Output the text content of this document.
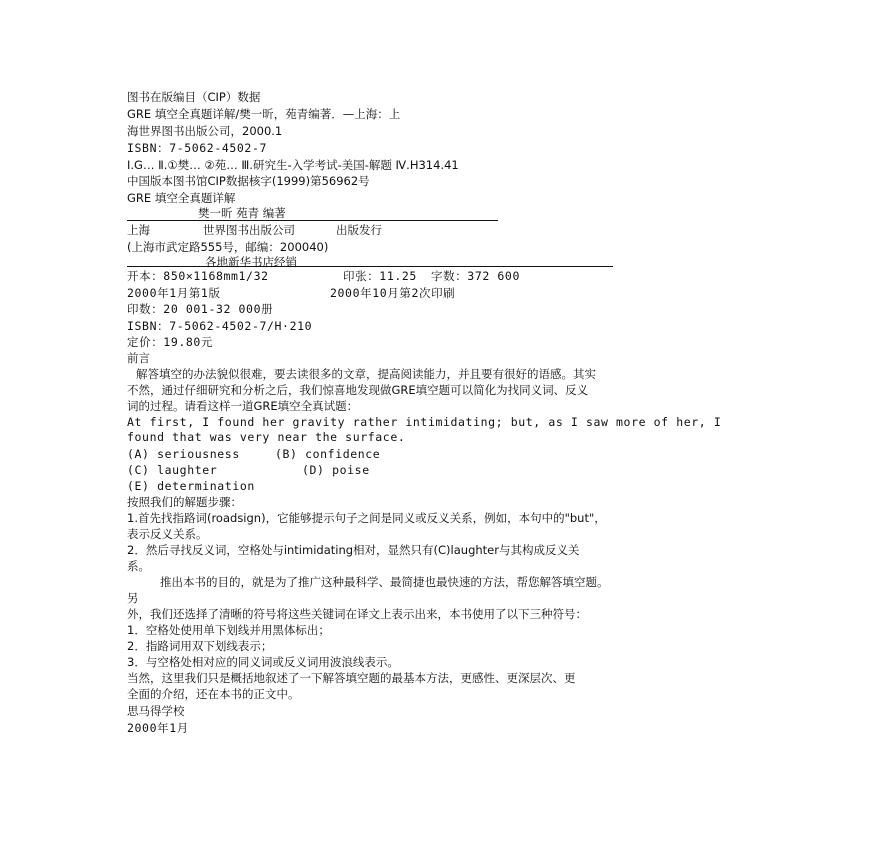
图书在版编目（CIP）数据
GRE 填空全真题详解/樊一昕，苑青编著．—上海：上
海世界图书出版公司，2000.1
ISBN：7-5062-4502-7
Ⅰ.G… Ⅱ.①樊… ②苑… Ⅲ.研究生-入学考试-美国-解题 Ⅳ.H314.41
中国版本图书馆CIP数据核字(1999)第56962号
GRE 填空全真题详解
樊一昕 苑青 编著
上海	世界图书出版公司	出版发行
(上海市武定路555号，邮编：200040)
各地新华书店经销
开本：850×1168mm1/32	印张：11.25 字数：372 600
2000年1月第1版	2000年10月第2次印刷
印数：20 001-32 000册
ISBN：7-5062-4502-7/H·210
定价：19.80元
前言
解答填空的办法貌似很难，要去读很多的文章，提高阅读能力，并且要有很好的语感。其实
不然，通过仔细研究和分析之后，我们惊喜地发现做GRE填空题可以简化为找同义词、反义
词的过程。请看这样一道GRE填空全真试题：
At first, I found her gravity rather intimidating; but, as I saw more of her, I
found that was very near the surface.
(A) seriousness	(B) confidence
(C) laughter	(D) poise
(E) determination
按照我们的解题步骤：
1.首先找指路词(roadsign)，它能够提示句子之间是同义或反义关系，例如，本句中的"but"，
表示反义关系。
2．然后寻找反义词，空格处与intimidating相对，显然只有(C)laughter与其构成反义关
系。
推出本书的目的，就是为了推广这种最科学、最简捷也最快速的方法，帮您解答填空题。
另
外，我们还选择了清晰的符号将这些关键词在译文上表示出来，本书使用了以下三种符号：
1．空格处使用单下划线并用黑体标出；
2．指路词用双下划线表示；
3．与空格处相对应的同义词或反义词用波浪线表示。
当然，这里我们只是概括地叙述了一下解答填空题的最基本方法，更感性、更深层次、更
全面的介绍，还在本书的正文中。
思马得学校
2000年1月
